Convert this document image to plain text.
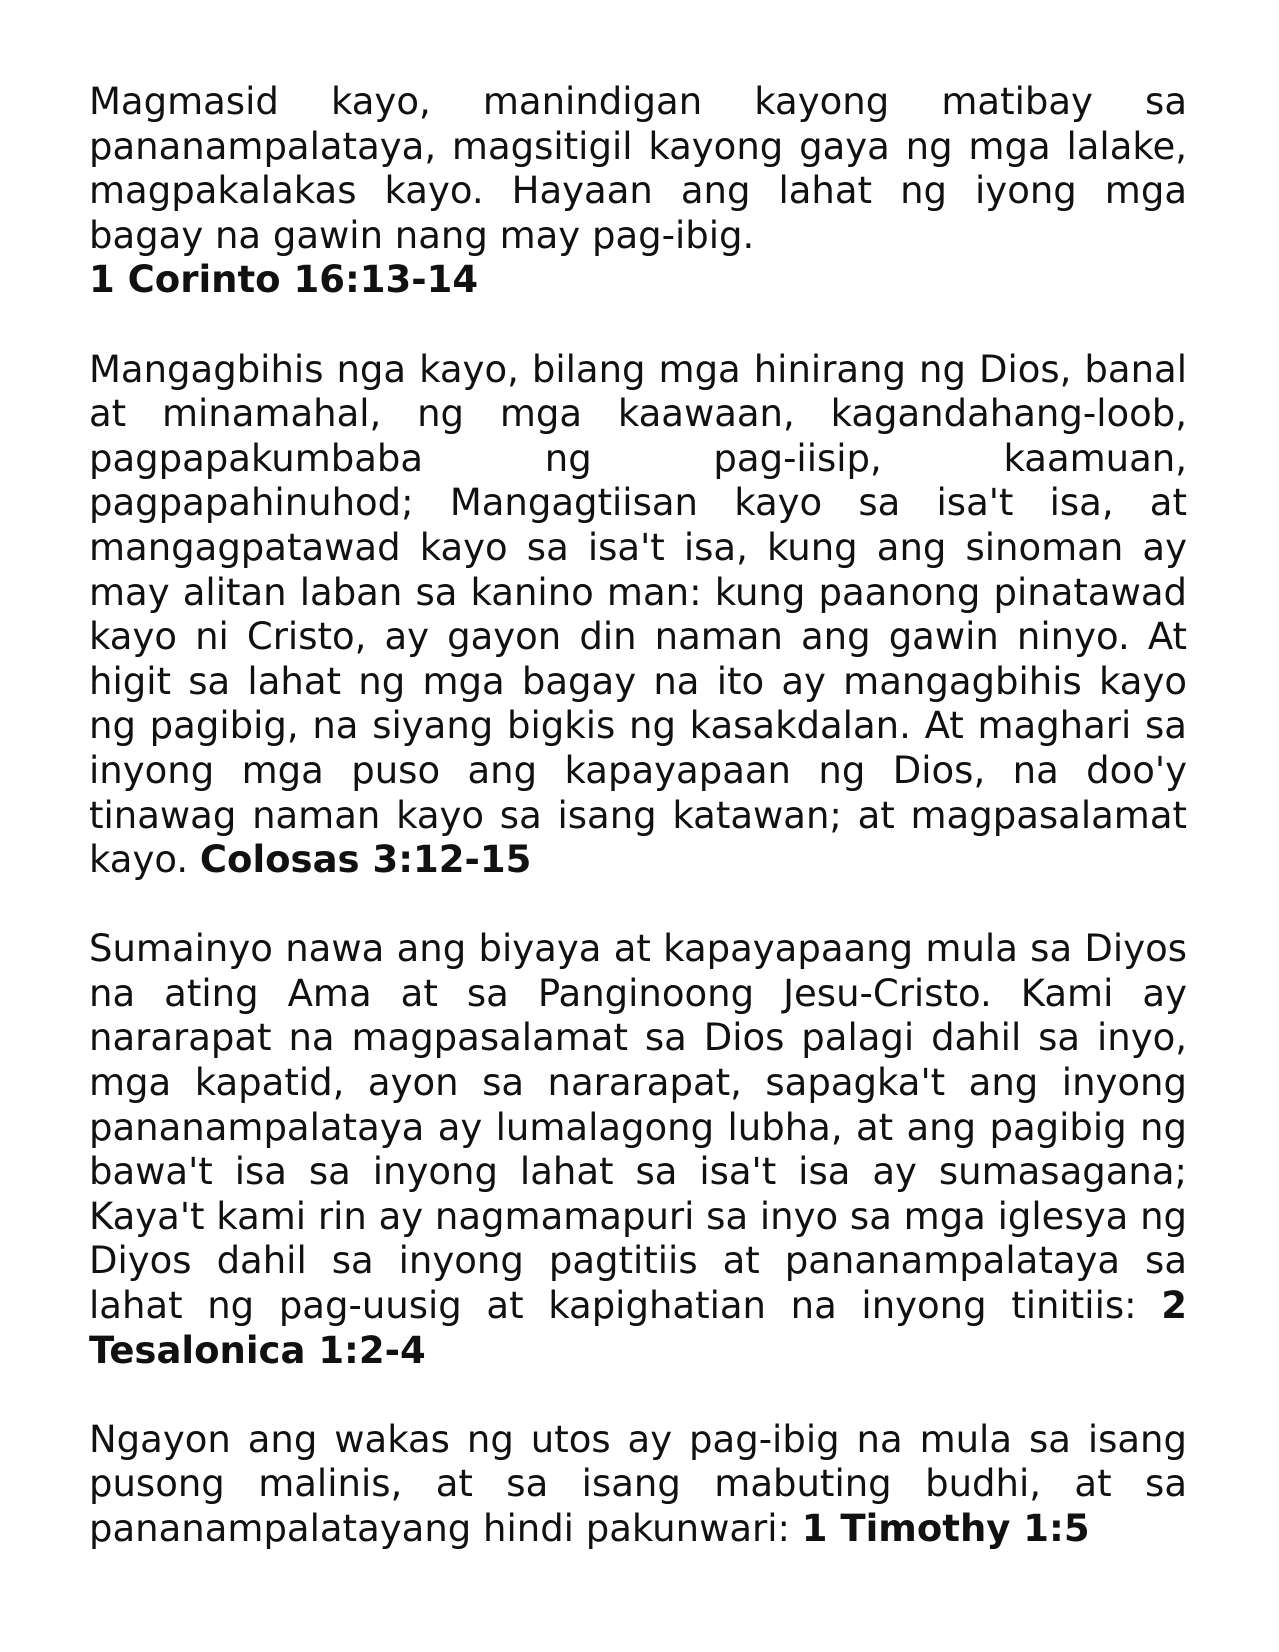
Magmasid kayo, manindigan kayong matibay sa pananampalataya, magsitigil kayong gaya ng mga lalake, magpakalakas kayo. Hayaan ang lahat ng iyong mga bagay na gawin nang may pag-ibig.
1 Corinto 16:13-14

Mangagbihis nga kayo, bilang mga hinirang ng Dios, banal at minamahal, ng mga kaawaan, kagandahang-loob, pagpapakumbaba ng pag-iisip, kaamuan, pagpapahinuhod; Mangagtiisan kayo sa isa't isa, at mangagpatawad kayo sa isa't isa, kung ang sinoman ay may alitan laban sa kanino man: kung paanong pinatawad kayo ni Cristo, ay gayon din naman ang gawin ninyo. At higit sa lahat ng mga bagay na ito ay mangagbihis kayo ng pagibig, na siyang bigkis ng kasakdalan. At maghari sa inyong mga puso ang kapayapaan ng Dios, na doo'y tinawag naman kayo sa isang katawan; at magpasalamat kayo. Colosas 3:12-15

Sumainyo nawa ang biyaya at kapayapaang mula sa Diyos na ating Ama at sa Panginoong Jesu-Cristo. Kami ay nararapat na magpasalamat sa Dios palagi dahil sa inyo, mga kapatid, ayon sa nararapat, sapagka't ang inyong pananampalataya ay lumalagong lubha, at ang pagibig ng bawa't isa sa inyong lahat sa isa't isa ay sumasagana; Kaya't kami rin ay nagmamapuri sa inyo sa mga iglesya ng Diyos dahil sa inyong pagtitiis at pananampalataya sa lahat ng pag-uusig at kapighatian na inyong tinitiis: 2 Tesalonica 1:2-4

Ngayon ang wakas ng utos ay pag-ibig na mula sa isang pusong malinis, at sa isang mabuting budhi, at sa pananampalatayang hindi pakunwari: 1 Timothy 1:5
